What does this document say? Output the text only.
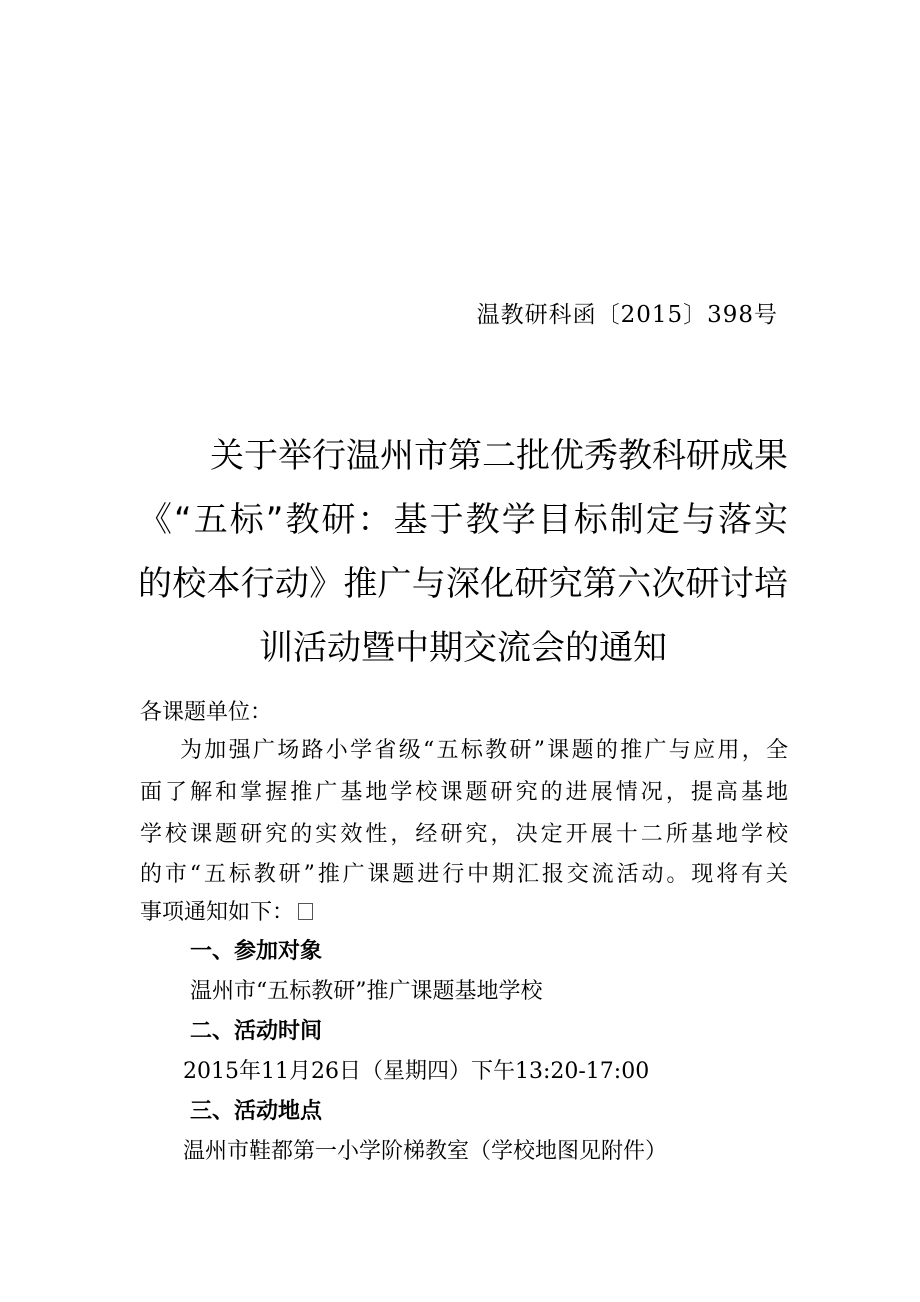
温教研科函〔2015〕398号
关于举行温州市第二批优秀教科研成果
《“五标”教研：基于教学目标制定与落实
的校本行动》推广与深化研究第六次研讨培
训活动暨中期交流会的通知
各课题单位：
为加强广场路小学省级“五标教研”课题的推广与应用，全
面了解和掌握推广基地学校课题研究的进展情况，提高基地
学校课题研究的实效性，经研究，决定开展十二所基地学校
的市“五标教研”推广课题进行中期汇报交流活动。现将有关
事项通知如下：
一、参加对象
温州市“五标教研”推广课题基地学校
二、活动时间
2015年11月26日（星期四）下午13:20-17:00
三、活动地点
温州市鞋都第一小学阶梯教室（学校地图见附件）
